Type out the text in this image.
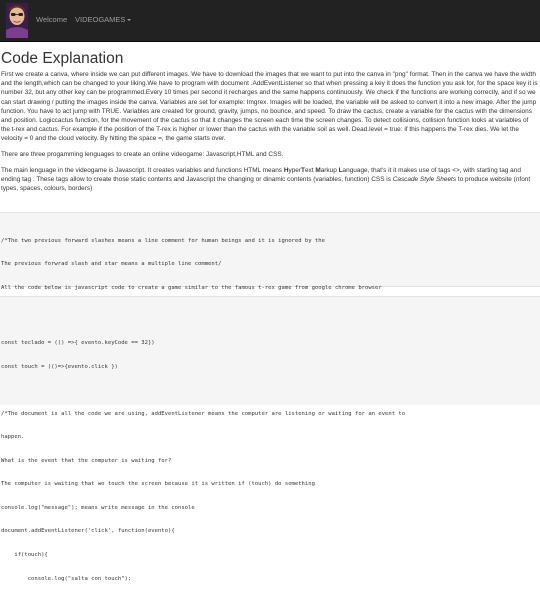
Welcome VIDEOGAMES
Code Explanation

First we create a canva, where inside we can put different images. We have to download the images that we want to put into the canva in "png" format. Then in the canva we have the width and the length,which can be changed to your liking.We have to program with document .AddEventListener so that when pressing a key it does the function you ask for, for the space key it is number 32, but any other key can be programmed.Every 10 times per second it recharges and the same happens continuously. We check if the functions are working correctly, and if so we can start drawing / putting the images inside the canva. Variables are set for example: Imgrex. Images will be loaded, the variable will be asked to convert it into a new image. After the jump function. You have to act jump with TRUE. Variables are created for ground, gravity, jumps, no bounce, and speed. To draw the cactus, create a variable for the cactus with the dimensions and position. Logiccactus function, for the movement of the cactus so that it changes the screen each time the screen changes. To detect collisions, collision function looks at variables of the t-rex and cactus. For example if the position of the T-rex is higher or lower than the cactus with the variable soil as well. Dead.level = true: if this happens the T-rex dies. We let the velocity = 0 and the cloud velocity. By hitting the space =, the game starts over.

There are three progamming lenguages to create an online videogame: Javascript,HTML and CSS.

The main lenguage in the videogame is Javascript. It creates variables and functions HTML means HyperText Markup Language, that's it it makes use of tags <>, with starting tag and ending tag . These tags allow to create those static contents and Javascript the changing or dinamic contents (variables, function) CSS is Cascade Style Sheets to produce website (nfont types, spaces, colours, borders)

/*The two previous forward slashes means a line comment for human beings and it is ignored by the

The previous forwrad slash and star means a multiple line comment/

All the code below is javascript code to create a game similar to the famous t-rex game from google chrome browser

const teclado = (() =>{ evento.keyCode == 32})

const touch = (()=>{evento.click })

/*The document is all the code we are using, addEventListener means the computer are listening or waiting for an event to

happen.

What is the event that the computer is waiting for?

The computer is waiting that we touch the screen because it is written if (touch) do something

console.log("message"); means write message in the console

document.addEventListener('click', function(evento){

if(touch){

console.log("salta con touch");
